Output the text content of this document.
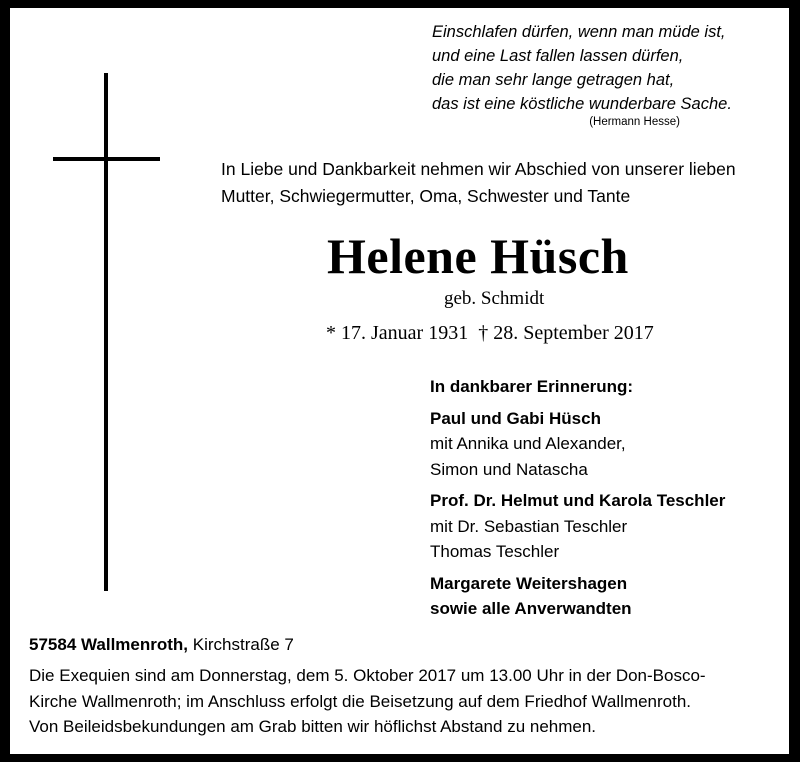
Einschlafen dürfen, wenn man müde ist,
und eine Last fallen lassen dürfen,
die man sehr lange getragen hat,
das ist eine köstliche wunderbare Sache.
(Hermann Hesse)
In Liebe und Dankbarkeit nehmen wir Abschied von unserer lieben
Mutter, Schwiegermutter, Oma, Schwester und Tante
Helene Hüsch
geb. Schmidt
* 17. Januar 1931 † 28. September 2017
In dankbarer Erinnerung:
Paul und Gabi Hüsch
mit Annika und Alexander,
Simon und Natascha
Prof. Dr. Helmut und Karola Teschler
mit Dr. Sebastian Teschler
Thomas Teschler
Margarete Weitershagen
sowie alle Anverwandten
57584 Wallmenroth, Kirchstraße 7
Die Exequien sind am Donnerstag, dem 5. Oktober 2017 um 13.00 Uhr in der Don-Bosco-
Kirche Wallmenroth; im Anschluss erfolgt die Beisetzung auf dem Friedhof Wallmenroth.
Von Beileidsbekundungen am Grab bitten wir höflichst Abstand zu nehmen.
